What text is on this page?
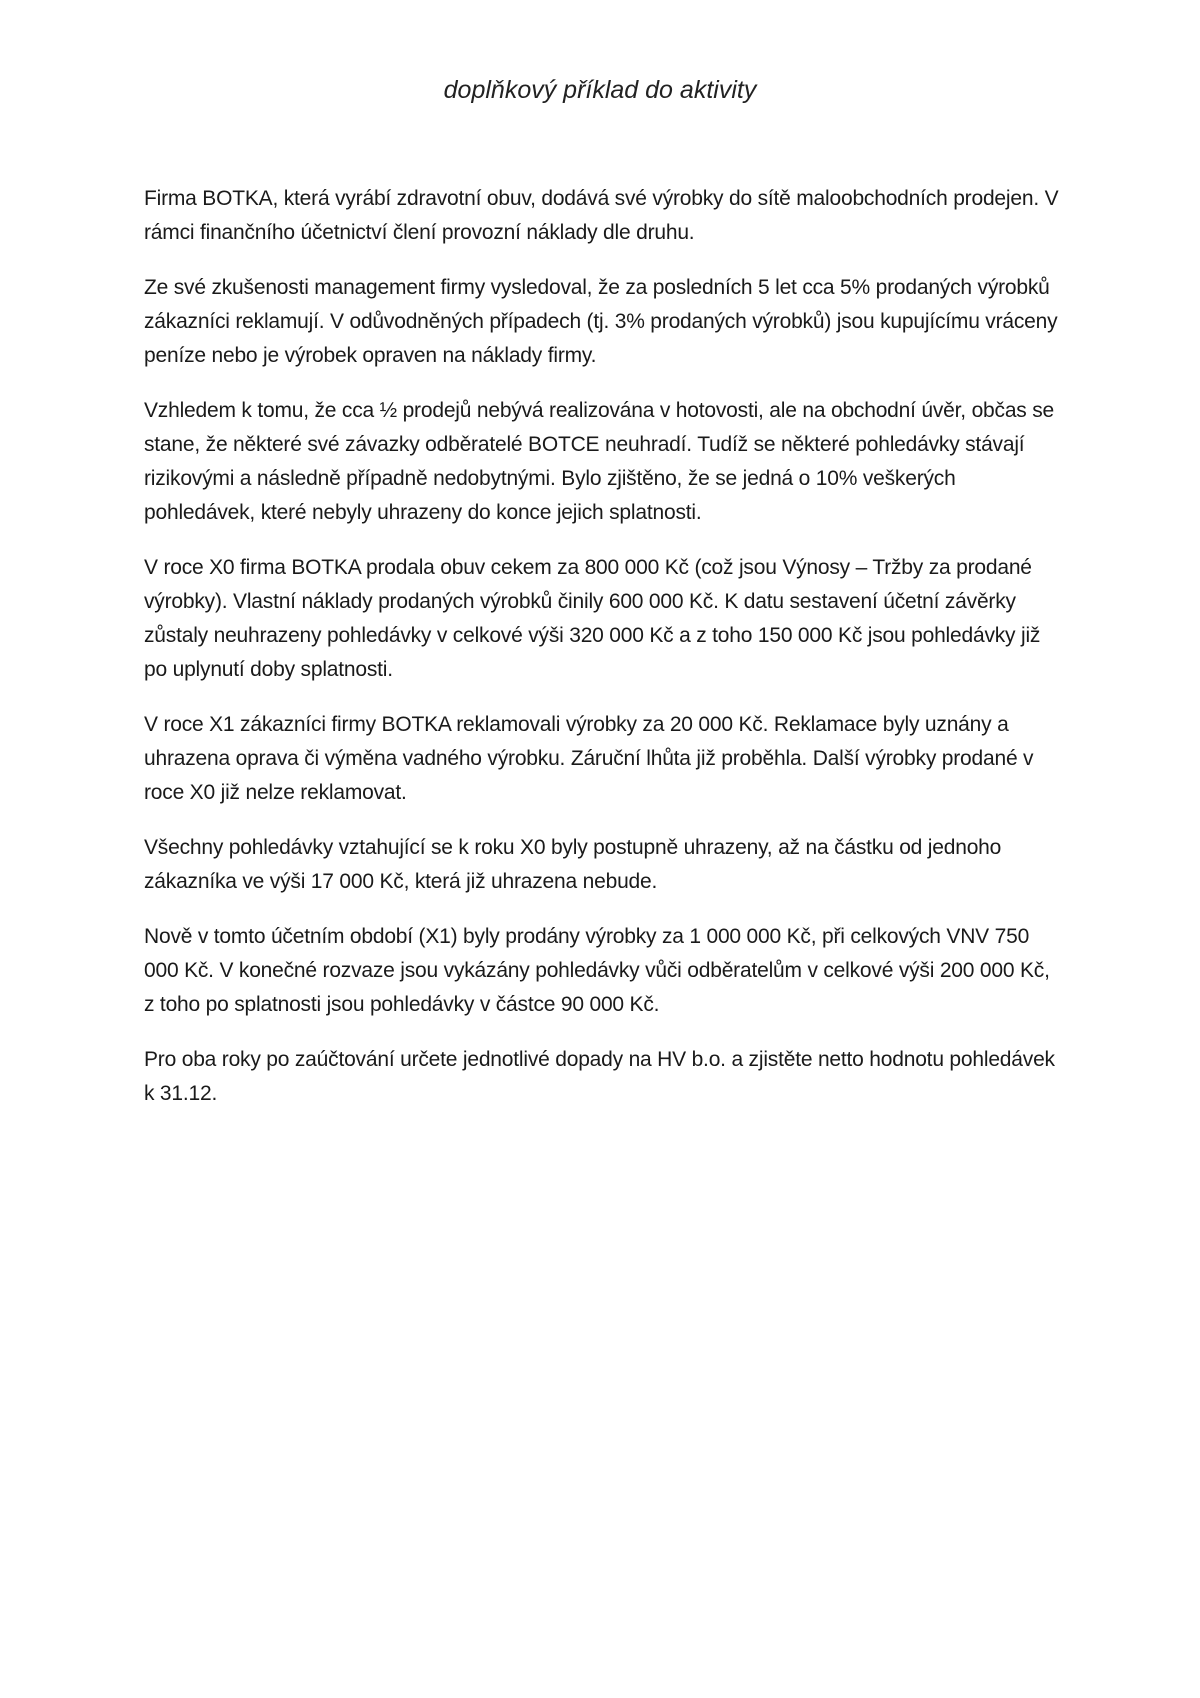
doplňkový příklad do aktivity

Firma BOTKA, která vyrábí zdravotní obuv, dodává své výrobky do sítě maloobchodních prodejen. V rámci finančního účetnictví člení provozní náklady dle druhu.

Ze své zkušenosti management firmy vysledoval, že za posledních 5 let cca 5% prodaných výrobků zákazníci reklamují. V odůvodněných případech (tj. 3% prodaných výrobků) jsou kupujícímu vráceny peníze nebo je výrobek opraven na náklady firmy.

Vzhledem k tomu, že cca ½ prodejů nebývá realizována v hotovosti, ale na obchodní úvěr, občas se stane, že některé své závazky odběratelé BOTCE neuhradí. Tudíž se některé pohledávky stávají rizikovými a následně případně nedobytnými. Bylo zjištěno, že se jedná o 10% veškerých pohledávek, které nebyly uhrazeny do konce jejich splatnosti.

V roce X0 firma BOTKA prodala obuv cekem za 800 000 Kč (což jsou Výnosy – Tržby za prodané výrobky). Vlastní náklady prodaných výrobků činily 600 000 Kč. K datu sestavení účetní závěrky zůstaly neuhrazeny pohledávky v celkové výši 320 000 Kč a z toho 150 000 Kč jsou pohledávky již po uplynutí doby splatnosti.

V roce X1 zákazníci firmy BOTKA reklamovali výrobky za 20 000 Kč. Reklamace byly uznány a uhrazena oprava či výměna vadného výrobku. Záruční lhůta již proběhla. Další výrobky prodané v roce X0 již nelze reklamovat.

Všechny pohledávky vztahující se k roku X0 byly postupně uhrazeny, až na částku od jednoho zákazníka ve výši 17 000 Kč, která již uhrazena nebude.

Nově v tomto účetním období (X1) byly prodány výrobky za 1 000 000 Kč, při celkových VNV 750 000 Kč. V konečné rozvaze jsou vykázány pohledávky vůči odběratelům v celkové výši 200 000 Kč, z toho po splatnosti jsou pohledávky v částce 90 000 Kč.

Pro oba roky po zaúčtování určete jednotlivé dopady na HV b.o. a zjistěte netto hodnotu pohledávek k 31.12.
